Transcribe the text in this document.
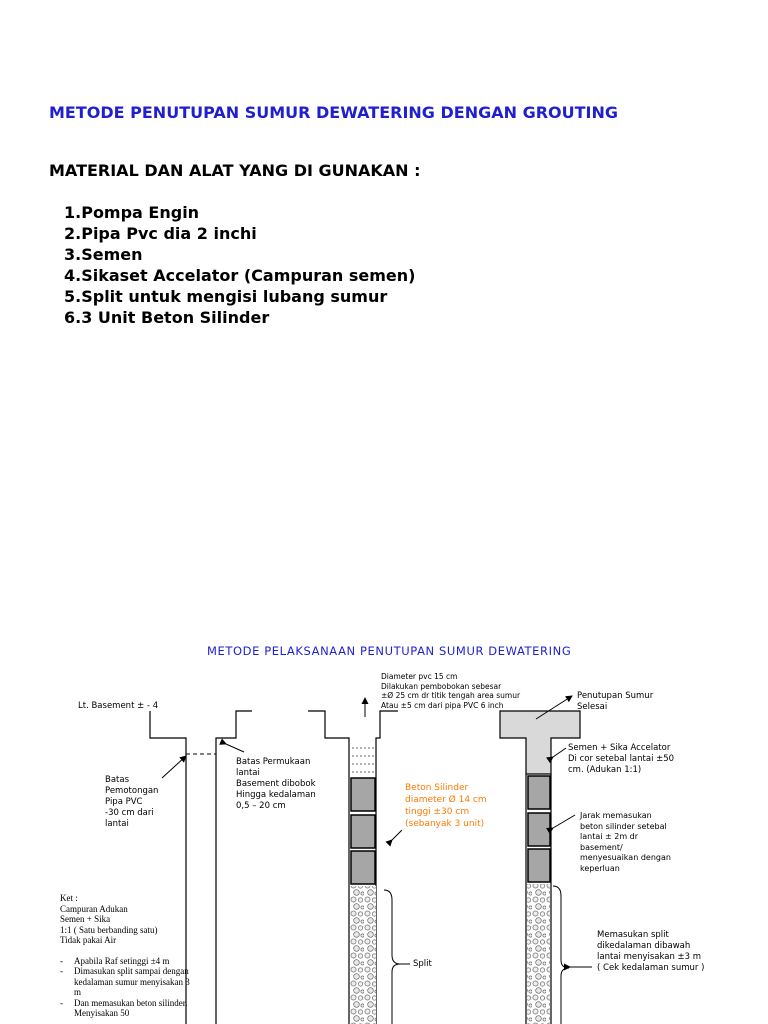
METODE PENUTUPAN SUMUR DEWATERING DENGAN GROUTING
MATERIAL DAN ALAT YANG DI GUNAKAN :
1.Pompa Engin
2.Pipa Pvc dia 2 inchi
3.Semen
4.Sikaset Accelator (Campuran semen)
5.Split untuk mengisi lubang sumur
6.3 Unit Beton Silinder
METODE PELAKSANAAN PENUTUPAN SUMUR DEWATERING
Lt. Basement ± - 4
Diameter pvc 15 cm
Dilakukan pembobokan sebesar
±Ø 25 cm dr titik tengah area sumur
Atau ±5 cm dari pipa PVC 6 inch
Penutupan Sumur
Selesai
Batas
Pemotongan
Pipa PVC
-30 cm dari
lantai
Batas Permukaan
lantai
Basement dibobok
Hingga kedalaman
0,5 – 20 cm
Beton Silinder
diameter Ø 14 cm
tinggi ±30 cm
(sebanyak 3 unit)
Semen + Sika Accelator
Di cor setebal lantai ±50
cm. (Adukan 1:1)
Jarak memasukan
beton silinder setebal
lantai ± 2m dr
basement/
menyesuaikan dengan
keperluan
Split
Memasukan split
dikedalaman dibawah
lantai menyisakan ±3 m
( Cek kedalaman sumur )
Ket :
Campuran Adukan
Semen + Sika
1:1 ( Satu berbanding satu)
Tidak pakai Air
- Apabila Raf setinggi ±4 m
- Dimasukan split sampai dengan kedalaman sumur menyisakan 3 m
- Dan memasukan beton silinder. Menyisakan 50
